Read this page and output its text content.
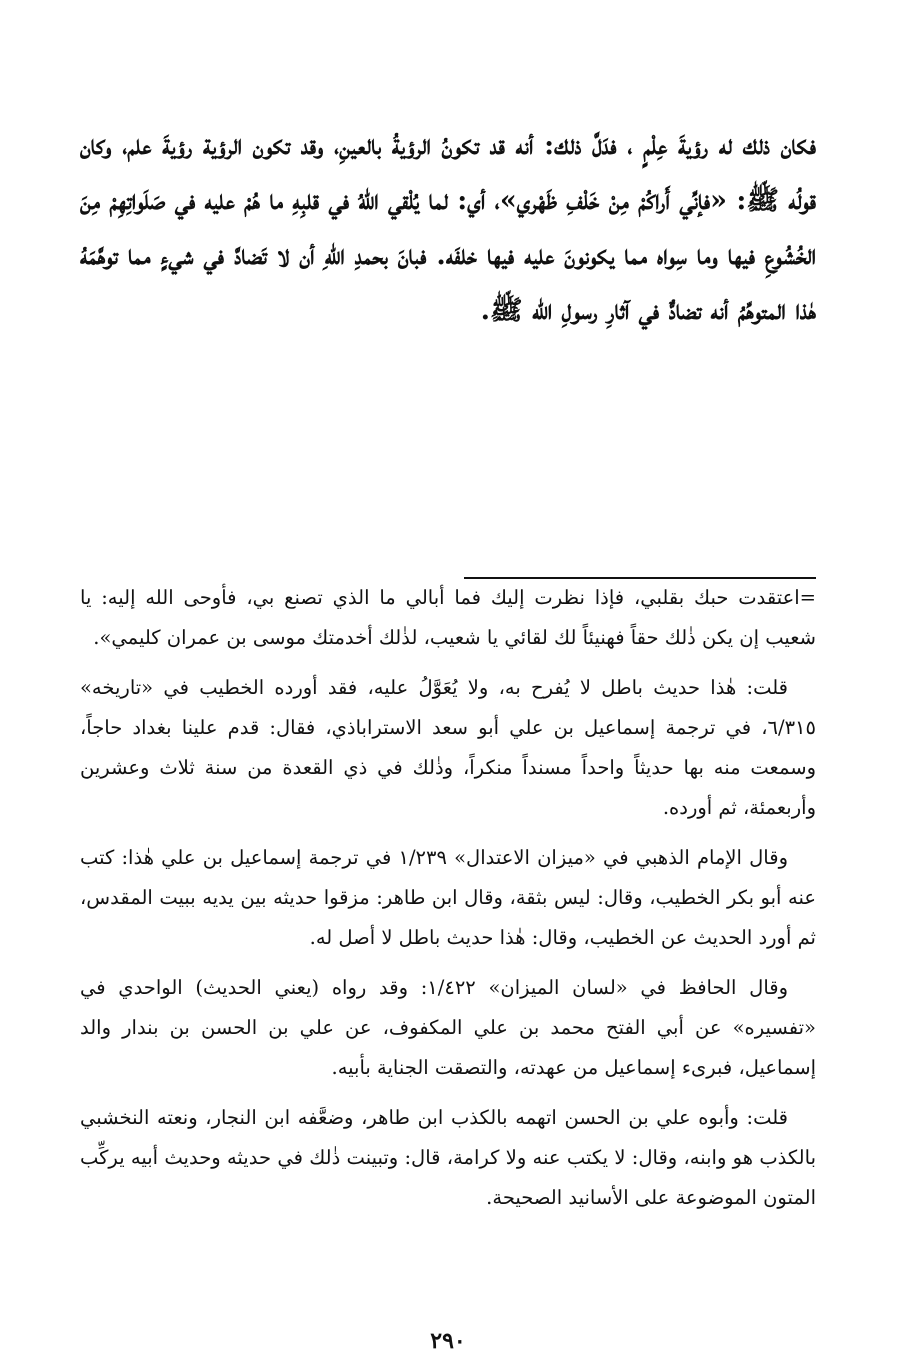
فكان ذلك له رؤيةَ عِلْمٍ ، فدَلَّ ذلك: أنه قد تكونُ الرؤيةُ بالعينِ، وقد تكون الرؤية رؤيةَ علم، وكان قولُه ﷺ: «فإنِّي أَراكُمْ مِنْ خَلْفِ ظَهْري»، أي: لما يُلْقي اللهُ في قلبِهِ ما هُمْ عليه في صَلَواتِهِمْ مِنَ الخُشُوعِ فيها وما سِواه مما يكونونَ عليه فيها خلفَه. فبانَ بحمدِ اللهِ أن لا تَضادَّ في شيءٍ مما توهَّمَهُ هٰذا المتوهِّمُ أنه تضادٌّ في آثارِ رسولِ الله ﷺ.

=اعتقدت حبك بقلبي، فإذا نظرت إليك فما أبالي ما الذي تصنع بي، فأوحى الله إليه: يا شعيب إن يكن ذٰلك حقاً فهنيئاً لك لقائي يا شعيب، لذٰلك أخدمتك موسى بن عمران كليمي».

قلت: هٰذا حديث باطل لا يُفرح به، ولا يُعَوَّلُ عليه، فقد أورده الخطيب في «تاريخه» ٦/٣١٥، في ترجمة إسماعيل بن علي أبو سعد الاستراباذي، فقال: قدم علينا بغداد حاجاً، وسمعت منه بها حديثاً واحداً مسنداً منكراً، وذٰلك في ذي القعدة من سنة ثلاث وعشرين وأربعمئة، ثم أورده.

وقال الإمام الذهبي في «ميزان الاعتدال» ١/٢٣٩ في ترجمة إسماعيل بن علي هٰذا: كتب عنه أبو بكر الخطيب، وقال: ليس بثقة، وقال ابن طاهر: مزقوا حديثه بين يديه ببيت المقدس، ثم أورد الحديث عن الخطيب، وقال: هٰذا حديث باطل لا أصل له.

وقال الحافظ في «لسان الميزان» ١/٤٢٢: وقد رواه (يعني الحديث) الواحدي في «تفسيره» عن أبي الفتح محمد بن علي المكفوف، عن علي بن الحسن بن بندار والد إسماعيل، فبرىء إسماعيل من عهدته، والتصقت الجناية بأبيه.

قلت: وأبوه علي بن الحسن اتهمه بالكذب ابن طاهر، وضعَّفه ابن النجار، ونعته النخشبي بالكذب هو وابنه، وقال: لا يكتب عنه ولا كرامة، قال: وتبينت ذٰلك في حديثه وحديث أبيه يركِّب المتون الموضوعة على الأسانيد الصحيحة.

٢٩٠
